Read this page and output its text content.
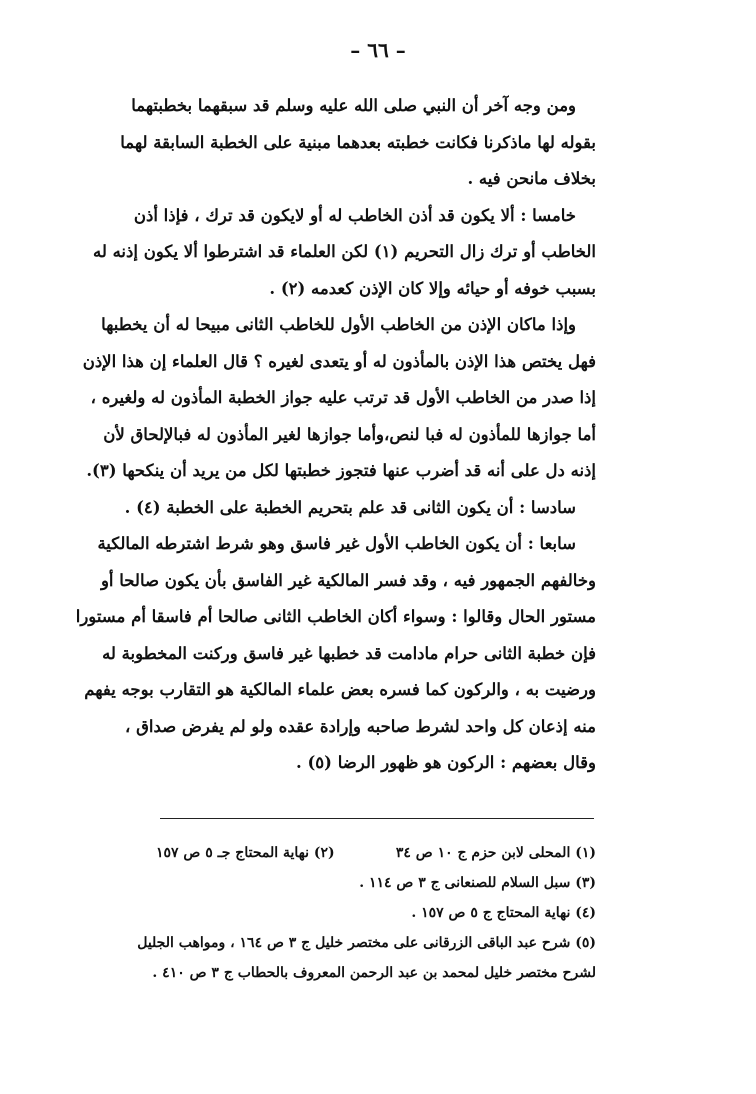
– ٦٦ –
ومن وجه آخر أن النبي صلى الله عليه وسلم قد سبقهما بخطبتهما
بقوله لها ماذكرنا فكانت خطبته بعدهما مبنية على الخطبة السابقة لهما
بخلاف مانحن فيه .
خامسا : ألا يكون قد أذن الخاطب له أو لايكون قد ترك ، فإذا أذن
الخاطب أو ترك زال التحريم (١) لكن العلماء قد اشترطوا ألا يكون إذنه له
بسبب خوفه أو حيائه وإلا كان الإذن كعدمه (٢) .
وإذا ماكان الإذن من الخاطب الأول للخاطب الثانى مبيحا له أن يخطبها
فهل يختص هذا الإذن بالمأذون له أو يتعدى لغيره ؟ قال العلماء إن هذا الإذن
إذا صدر من الخاطب الأول قد ترتب عليه جواز الخطبة المأذون له ولغيره ،
أما جوازها للمأذون له فبا لنص،وأما جوازها لغير المأذون له فبالإلحاق لأن
إذنه دل على أنه قد أضرب عنها فتجوز خطبتها لكل من يريد أن ينكحها (٣).
سادسا : أن يكون الثانى قد علم بتحريم الخطبة على الخطبة (٤) .
سابعا : أن يكون الخاطب الأول غير فاسق وهو شرط اشترطه المالكية
وخالفهم الجمهور فيه ، وقد فسر المالكية غير الفاسق بأن يكون صالحا أو
مستور الحال وقالوا : وسواء أكان الخاطب الثانى صالحا أم فاسقا أم مستورا
فإن خطبة الثانى حرام مادامت قد خطبها غير فاسق وركنت المخطوبة له
ورضيت به ، والركون كما فسره بعض علماء المالكية هو التقارب بوجه يفهم
منه إذعان كل واحد لشرط صاحبه وإرادة عقده ولو لم يفرض صداق ،
وقال بعضهم : الركون هو ظهور الرضا (٥) .
(١) المحلى لابن حزم ج ١٠ ص ٣٤
(٢) نهاية المحتاج جـ ٥ ص ١٥٧
(٣) سبل السلام للصنعانى ج ٣ ص ١١٤ .
(٤) نهاية المحتاج ج ٥ ص ١٥٧ .
(٥) شرح عبد الباقى الزرقانى على مختصر خليل ج ٣ ص ١٦٤ ، ومواهب الجليل
لشرح مختصر خليل لمحمد بن عبد الرحمن المعروف بالحطاب ج ٣ ص ٤١٠ .
